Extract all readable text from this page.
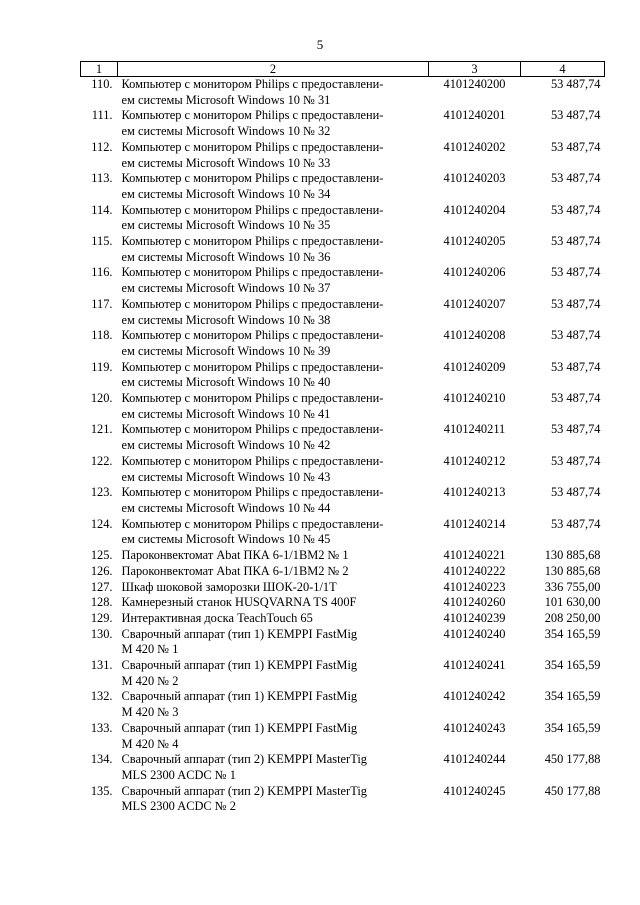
5
1	2	3	4
110.	Компьютер с монитором Philips с предоставлени-
ем системы Microsoft Windows 10 № 31	4101240200	53 487,74
111.	Компьютер с монитором Philips с предоставлени-
ем системы Microsoft Windows 10 № 32	4101240201	53 487,74
112.	Компьютер с монитором Philips с предоставлени-
ем системы Microsoft Windows 10 № 33	4101240202	53 487,74
113.	Компьютер с монитором Philips с предоставлени-
ем системы Microsoft Windows 10 № 34	4101240203	53 487,74
114.	Компьютер с монитором Philips с предоставлени-
ем системы Microsoft Windows 10 № 35	4101240204	53 487,74
115.	Компьютер с монитором Philips с предоставлени-
ем системы Microsoft Windows 10 № 36	4101240205	53 487,74
116.	Компьютер с монитором Philips с предоставлени-
ем системы Microsoft Windows 10 № 37	4101240206	53 487,74
117.	Компьютер с монитором Philips с предоставлени-
ем системы Microsoft Windows 10 № 38	4101240207	53 487,74
118.	Компьютер с монитором Philips с предоставлени-
ем системы Microsoft Windows 10 № 39	4101240208	53 487,74
119.	Компьютер с монитором Philips с предоставлени-
ем системы Microsoft Windows 10 № 40	4101240209	53 487,74
120.	Компьютер с монитором Philips с предоставлени-
ем системы Microsoft Windows 10 № 41	4101240210	53 487,74
121.	Компьютер с монитором Philips с предоставлени-
ем системы Microsoft Windows 10 № 42	4101240211	53 487,74
122.	Компьютер с монитором Philips с предоставлени-
ем системы Microsoft Windows 10 № 43	4101240212	53 487,74
123.	Компьютер с монитором Philips с предоставлени-
ем системы Microsoft Windows 10 № 44	4101240213	53 487,74
124.	Компьютер с монитором Philips с предоставлени-
ем системы Microsoft Windows 10 № 45	4101240214	53 487,74
125.	Пароконвектомат Abat ПКА 6-1/1ВМ2 № 1	4101240221	130 885,68
126.	Пароконвектомат Abat ПКА 6-1/1ВМ2 № 2	4101240222	130 885,68
127.	Шкаф шоковой заморозки ШОК-20-1/1Т	4101240223	336 755,00
128.	Камнерезный станок HUSQVARNA TS 400F	4101240260	101 630,00
129.	Интерактивная доска TeachTouch 65	4101240239	208 250,00
130.	Сварочный аппарат (тип 1) KEMPPI FastMig
M 420 № 1	4101240240	354 165,59
131.	Сварочный аппарат (тип 1) KEMPPI FastMig
M 420 № 2	4101240241	354 165,59
132.	Сварочный аппарат (тип 1) KEMPPI FastMig
M 420 № 3	4101240242	354 165,59
133.	Сварочный аппарат (тип 1) KEMPPI FastMig
M 420 № 4	4101240243	354 165,59
134.	Сварочный аппарат (тип 2) KEMPPI MasterTig
MLS 2300 ACDC № 1	4101240244	450 177,88
135.	Сварочный аппарат (тип 2) KEMPPI MasterTig
MLS 2300 ACDC № 2	4101240245	450 177,88
